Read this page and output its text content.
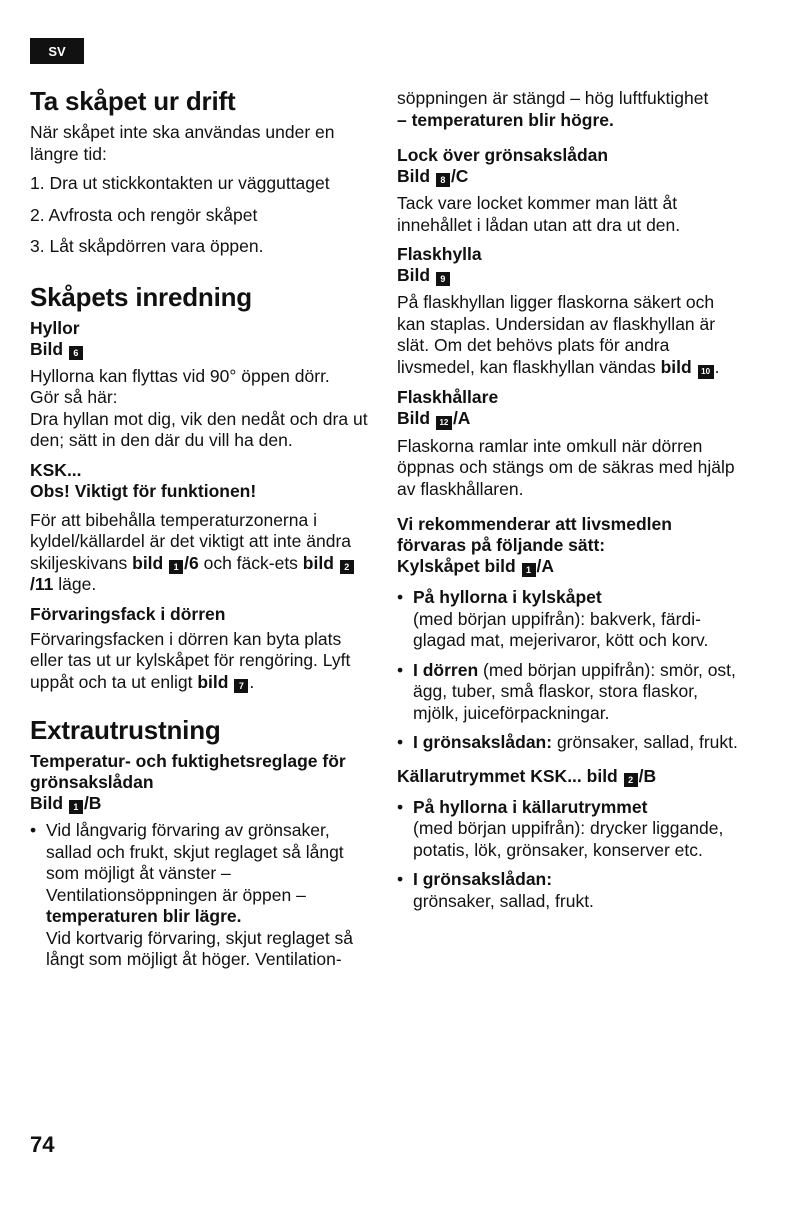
SV
Ta skåpet ur drift

När skåpet inte ska användas under en längre tid:

1. Dra ut stickkontakten ur vägguttaget
2. Avfrosta och rengör skåpet
3. Låt skåpdörren vara öppen.
Skåpets inredning
Hyllor
Bild 6

Hyllorna kan flyttas vid 90° öppen dörr.

Gör så här:

Dra hyllan mot dig, vik den nedåt och dra ut den; sätt in den där du vill ha den.

KSK...
Obs! Viktigt för funktionen!

För att bibehålla temperaturzonerna i kyldel/källardel är det viktigt att inte ändra skiljeskivans bild 1 /6 och fäck-ets bild 2/11 läge.

Förvaringsfack i dörren

Förvaringsfacken i dörren kan byta plats eller tas ut ur kylskåpet för rengöring. Lyft uppåt och ta ut enligt bild 7 .

Extrautrustning
Temperatur- och fuktighetsreglage för grönsakslådan
Bild 1 /B
• Vid långvarig förvaring av grönsaker, sallad och frukt, skjut reglaget så långt som möjligt åt vänster – Ventilationsöppningen är öppen – temperaturen blir lägre.
Vid kortvarig förvaring, skjut reglaget så långt som möjligt åt höger. Ventilation-

söppningen är stängd – hög luftfuktighet

– temperaturen blir högre.

Lock över grönsakslådan
Bild 8 /C

Tack vare locket kommer man lätt åt innehållet i lådan utan att dra ut den.

Flaskhylla
Bild 9

På flaskhyllan ligger flaskorna säkert och kan staplas. Undersidan av flaskhyllan är slät. Om det behövs plats för andra livsmedel, kan flaskhyllan vändas bild 10 .

Flaskhållare
Bild 12 /A

Flaskorna ramlar inte omkull när dörren öppnas och stängs om de säkras med hjälp av flaskhållaren.

Vi rekommenderar att livsmedlen förvaras på följande sätt:
Kylskåpet bild 1 /A
• På hyllorna i kylskåpet
(med början uppifrån): bakverk, färdi-glagad mat, mejerivaror, kött och korv.
• I dörren (med början uppifrån): smör, ost, ägg, tuber, små flaskor, stora flaskor, mjölk, juiceförpackningar.
• I grönsakslådan: grönsaker, sallad, frukt.
Källarutrymmet KSK... bild 2 /B
• På hyllorna i källarutrymmet
(med början uppifrån): drycker liggande, potatis, lök, grönsaker, konserver etc.
• I grönsakslådan:
grönsaker, sallad, frukt.
74
